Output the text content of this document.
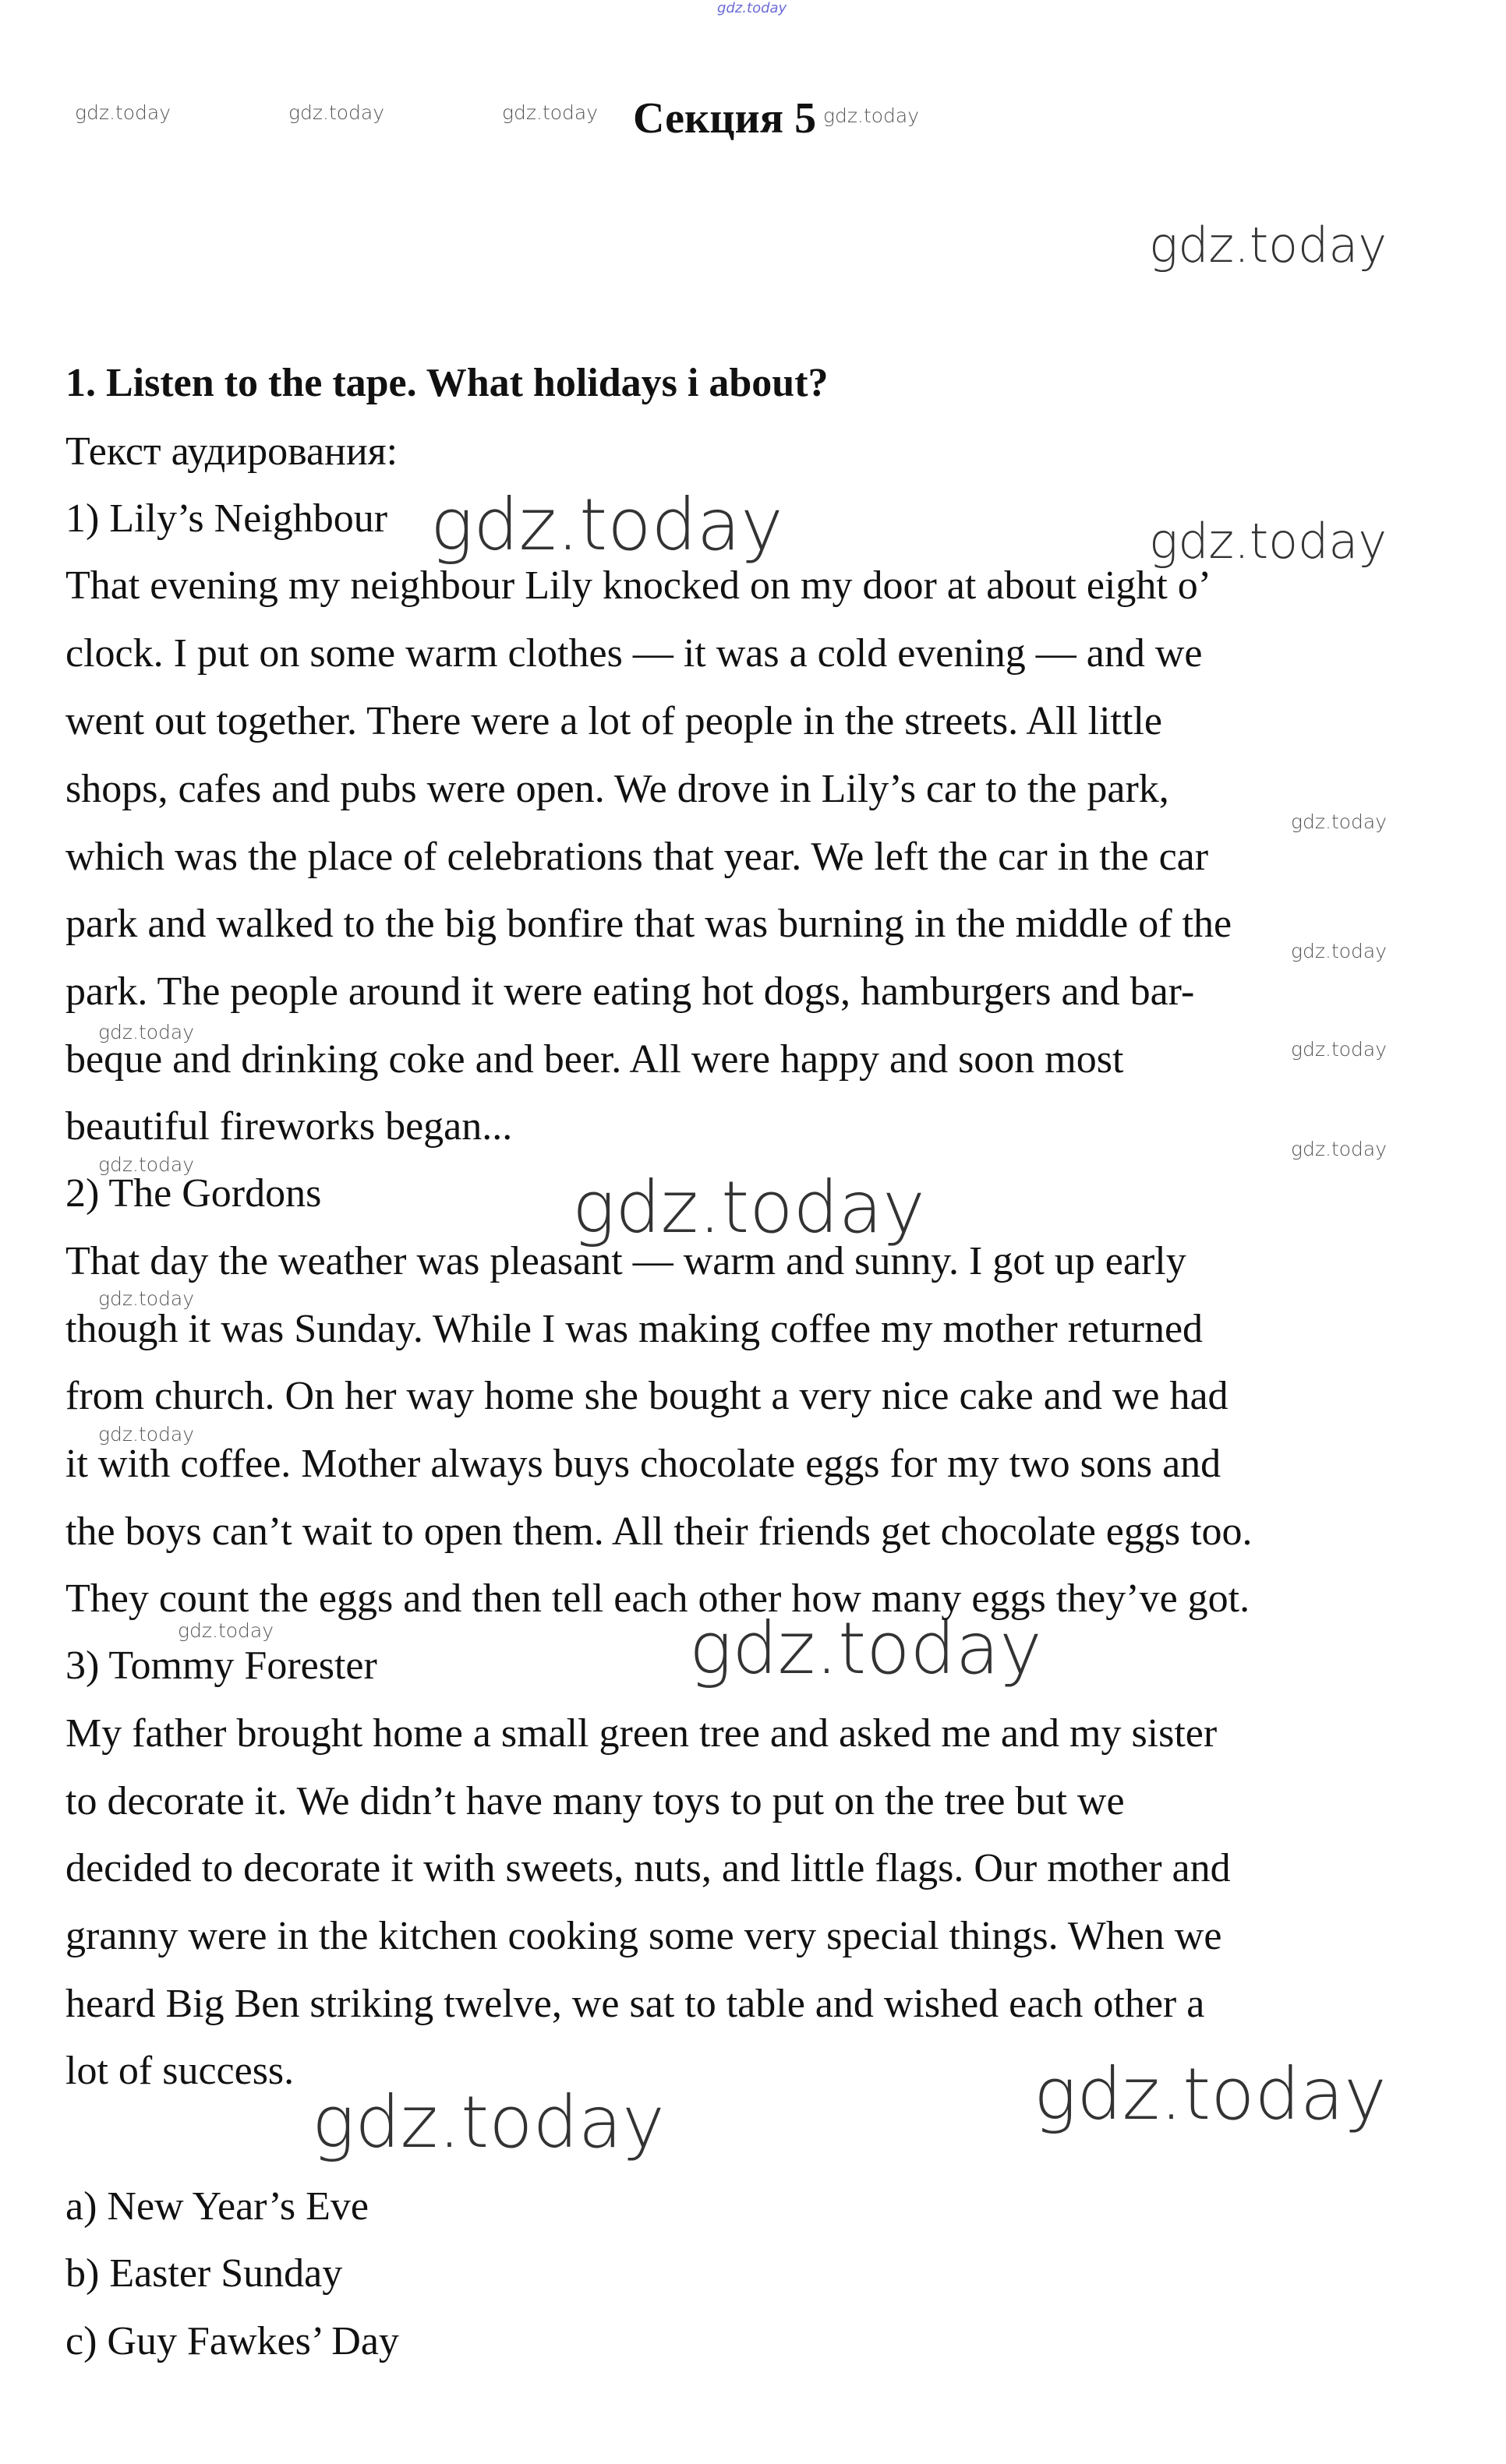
gdz.today
gdz.today	gdz.today	gdz.today	gdz.today
gdz.today
gdz.today	gdz.today
gdz.today
gdz.today
gdz.today
gdz.today
gdz.today
gdz.today
gdz.today
gdz.today
gdz.today
gdz.today	gdz.today
gdz.today
gdz.today
Секция 5
1. Listen to the tape. What holidays i about?
Текст аудирования:
1) Lily’s Neighbour
That evening my neighbour Lily knocked on my door at about eight o’
clock. I put on some warm clothes — it was a cold evening — and we
went out together. There were a lot of people in the streets. All little
shops, cafes and pubs were open. We drove in Lily’s car to the park,
which was the place of celebrations that year. We left the car in the car
park and walked to the big bonfire that was burning in the middle of the
park. The people around it were eating hot dogs, hamburgers and bar-
beque and drinking coke and beer. All were happy and soon most
beautiful fireworks began...
2) The Gordons
That day the weather was pleasant — warm and sunny. I got up early
though it was Sunday. While I was making coffee my mother returned
from church. On her way home she bought a very nice cake and we had
it with coffee. Mother always buys chocolate eggs for my two sons and
the boys can’t wait to open them. All their friends get chocolate eggs too.
They count the eggs and then tell each other how many eggs they’ve got.
3) Tommy Forester
My father brought home a small green tree and asked me and my sister
to decorate it. We didn’t have many toys to put on the tree but we
decided to decorate it with sweets, nuts, and little flags. Our mother and
granny were in the kitchen cooking some very special things. When we
heard Big Ben striking twelve, we sat to table and wished each other a
lot of success.
a) New Year’s Eve
b) Easter Sunday
c) Guy Fawkes’ Day
